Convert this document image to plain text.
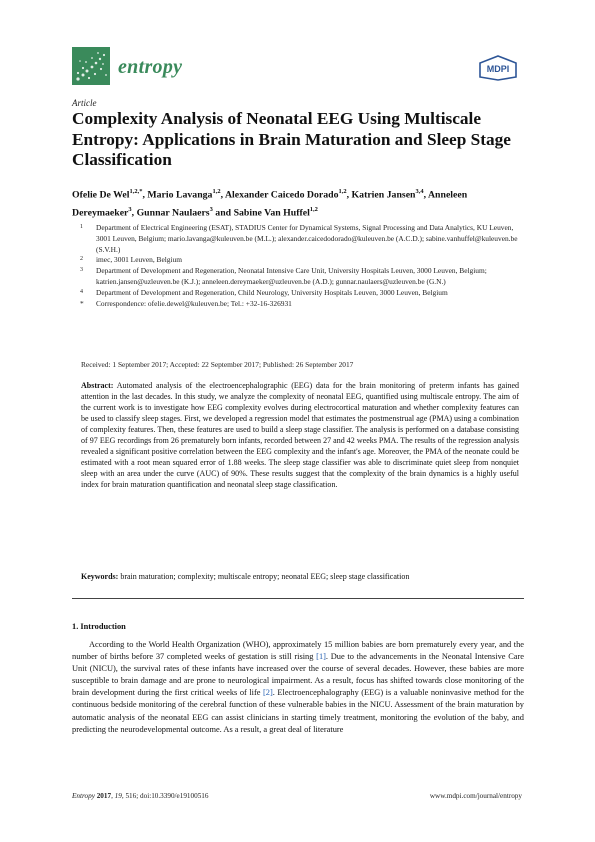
entropy	MDPI
Article
Complexity Analysis of Neonatal EEG Using Multiscale Entropy: Applications in Brain Maturation and Sleep Stage Classification
Ofelie De Wel$^{1,2,*}$, Mario Lavanga$^{1,2}$, Alexander Caicedo Dorado$^{1,2}$, Katrien Jansen$^{3,4}$, Anneleen Dereymaeker$^3$, Gunnar Naulaers$^3$ and Sabine Van Huffel$^{1,2}$
1 Department of Electrical Engineering (ESAT), STADIUS Center for Dynamical Systems, Signal Processing and Data Analytics, KU Leuven, 3001 Leuven, Belgium; mario.lavanga@kuleuven.be (M.L.); alexander.caicedodorado@kuleuven.be (A.C.D.); sabine.vanhuffel@kuleuven.be (S.V.H.)
2 imec, 3001 Leuven, Belgium
3 Department of Development and Regeneration, Neonatal Intensive Care Unit, University Hospitals Leuven, 3000 Leuven, Belgium; katrien.jansen@uzleuven.be (K.J.); anneleen.dereymaeker@uzleuven.be (A.D.); gunnar.naulaers@uzleuven.be (G.N.)
4 Department of Development and Regeneration, Child Neurology, University Hospitals Leuven, 3000 Leuven, Belgium
* Correspondence: ofelie.dewel@kuleuven.be; Tel.: +32-16-326931
Received: 1 September 2017; Accepted: 22 September 2017; Published: 26 September 2017
Abstract: Automated analysis of the electroencephalographic (EEG) data for the brain monitoring of preterm infants has gained attention in the last decades. In this study, we analyze the complexity of neonatal EEG, quantified using multiscale entropy. The aim of the current work is to investigate how EEG complexity evolves during electrocortical maturation and whether complexity features can be used to classify sleep stages. First, we developed a regression model that estimates the postmenstrual age (PMA) using a combination of complexity features. Then, these features are used to build a sleep stage classifier. The analysis is performed on a database consisting of 97 EEG recordings from 26 prematurely born infants, recorded between 27 and 42 weeks PMA. The results of the regression analysis revealed a significant positive correlation between the EEG complexity and the infant's age. Moreover, the PMA of the neonate could be estimated with a root mean squared error of 1.88 weeks. The sleep stage classifier was able to discriminate quiet sleep from nonquiet sleep with an area under the curve (AUC) of 90%. These results suggest that the complexity of the brain dynamics is a highly useful index for brain maturation quantification and neonatal sleep stage classification.
Keywords: brain maturation; complexity; multiscale entropy; neonatal EEG; sleep stage classification
1. Introduction
According to the World Health Organization (WHO), approximately 15 million babies are born prematurely every year, and the number of births before 37 completed weeks of gestation is still rising [1]. Due to the advancements in the Neonatal Intensive Care Unit (NICU), the survival rates of these infants have increased over the course of several decades. However, these babies are more susceptible to brain damage and are prone to neurological impairment. As a result, focus has shifted towards close monitoring of the brain development during the first critical weeks of life [2]. Electroencephalography (EEG) is a valuable noninvasive method for the continuous bedside monitoring of the cerebral function of these vulnerable babies in the NICU. Assessment of the brain maturation by automatic analysis of the neonatal EEG can assist clinicians in starting timely treatment, monitoring the evolution of the baby, and predicting the neurodevelopmental outcome. As a result, a great deal of literature
Entropy 2017, 19, 516; doi:10.3390/e19100516	www.mdpi.com/journal/entropy
